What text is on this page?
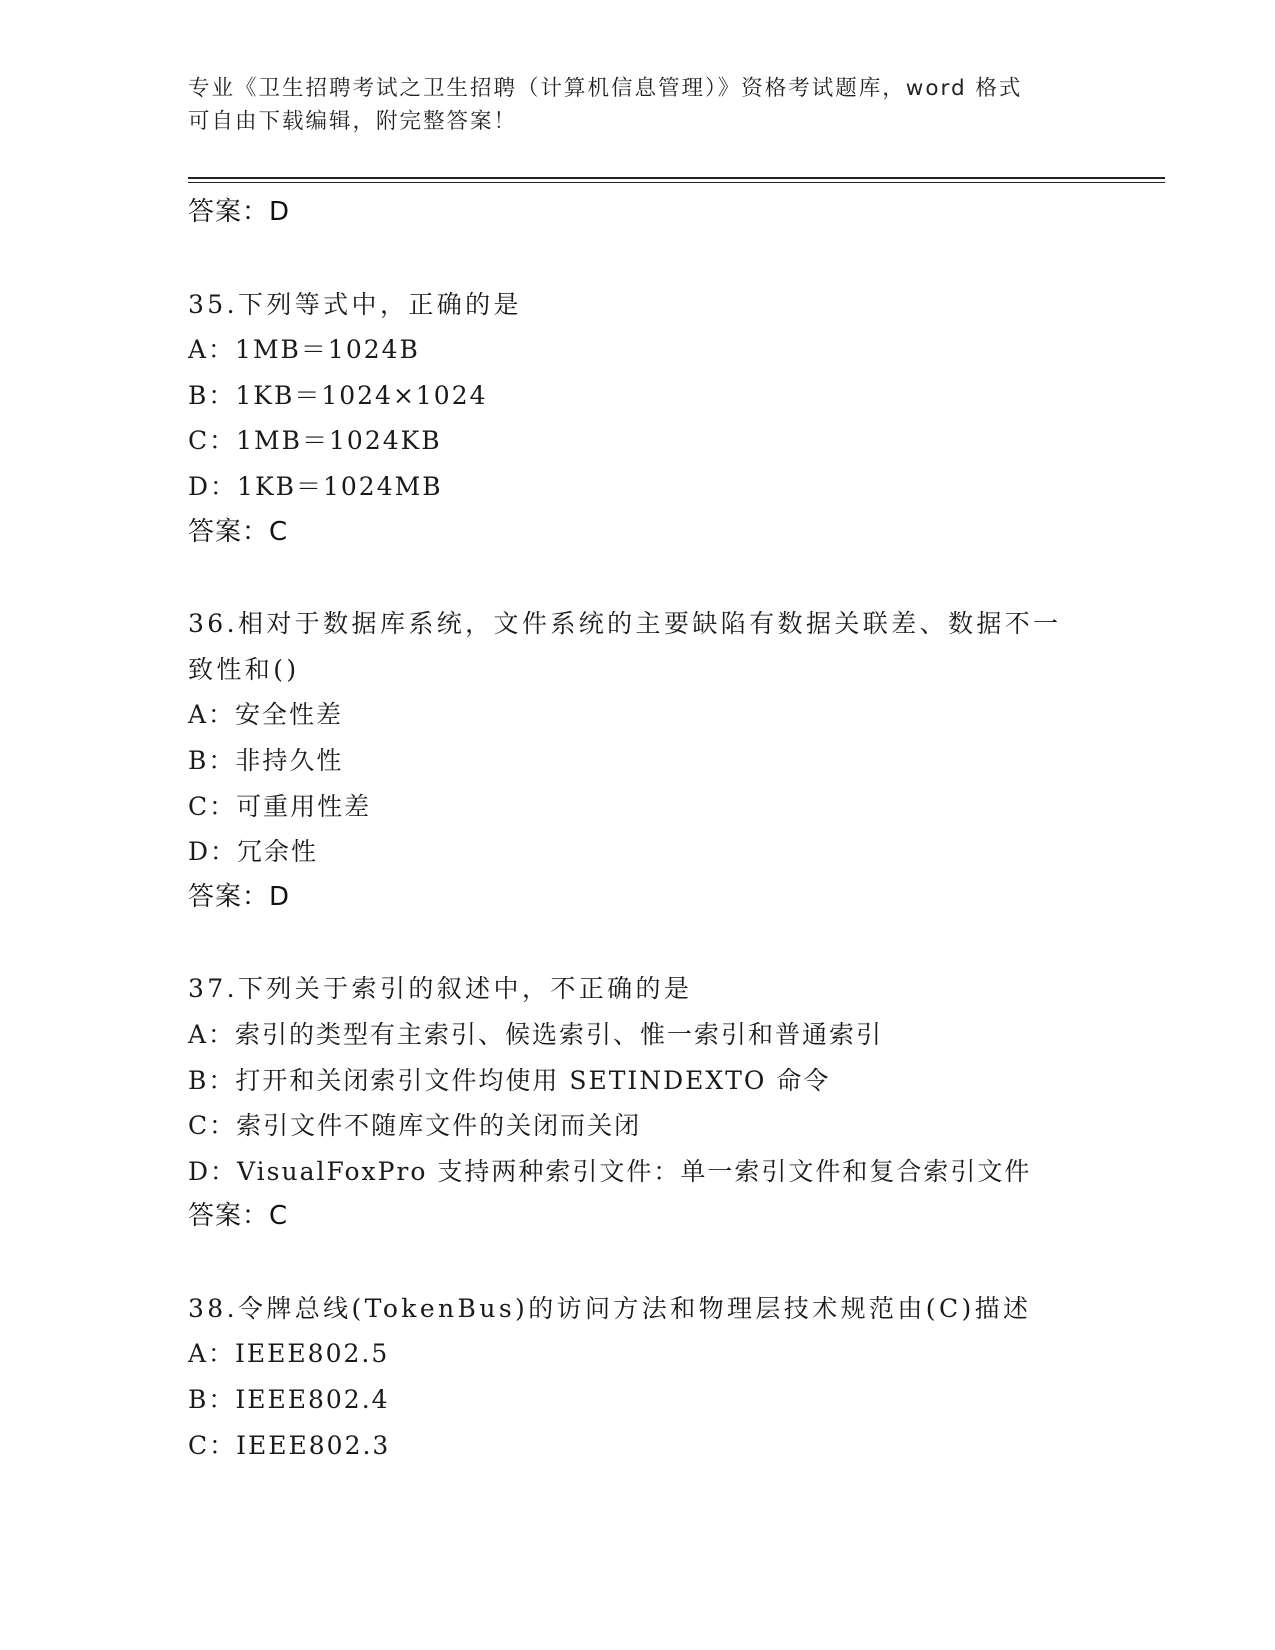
专业《卫生招聘考试之卫生招聘（计算机信息管理）》资格考试题库，word 格式
可自由下载编辑，附完整答案！
答案：D
35.下列等式中，正确的是
A：1MB＝1024B
B：1KB＝1024×1024
C：1MB＝1024KB
D：1KB＝1024MB
答案：C
36.相对于数据库系统，文件系统的主要缺陷有数据关联差、数据不一
致性和()
A：安全性差
B：非持久性
C：可重用性差
D：冗余性
答案：D
37.下列关于索引的叙述中，不正确的是
A：索引的类型有主索引、候选索引、惟一索引和普通索引
B：打开和关闭索引文件均使用 SETINDEXTO 命令
C：索引文件不随库文件的关闭而关闭
D：VisualFoxPro 支持两种索引文件：单一索引文件和复合索引文件
答案：C
38.令牌总线(TokenBus)的访问方法和物理层技术规范由(C)描述
A：IEEE802.5
B：IEEE802.4
C：IEEE802.3
